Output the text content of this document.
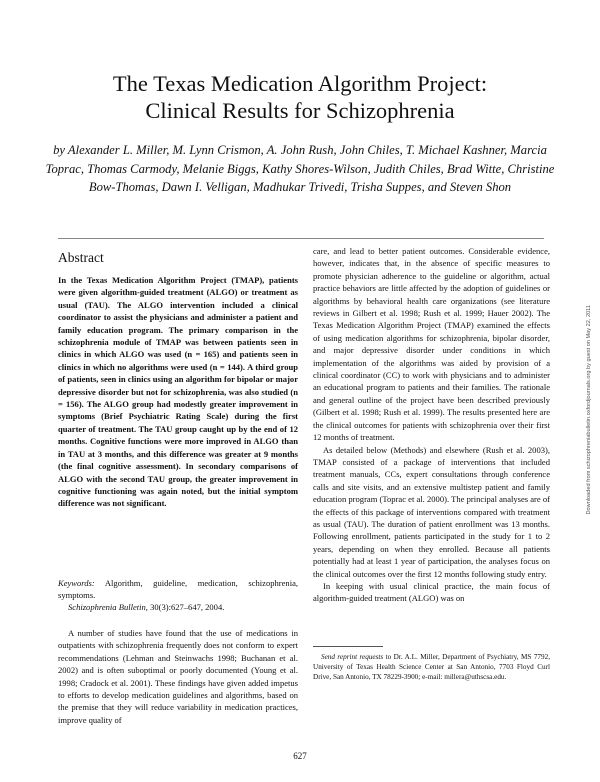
The Texas Medication Algorithm Project:
Clinical Results for Schizophrenia
by Alexander L. Miller, M. Lynn Crismon, A. John Rush, John Chiles, T. Michael Kashner, Marcia Toprac, Thomas Carmody, Melanie Biggs, Kathy Shores-Wilson, Judith Chiles, Brad Witte, Christine Bow-Thomas, Dawn I. Velligan, Madhukar Trivedi, Trisha Suppes, and Steven Shon
Abstract
In the Texas Medication Algorithm Project (TMAP), patients were given algorithm-guided treatment (ALGO) or treatment as usual (TAU). The ALGO intervention included a clinical coordinator to assist the physicians and administer a patient and family education program. The primary comparison in the schizophrenia module of TMAP was between patients seen in clinics in which ALGO was used (n = 165) and patients seen in clinics in which no algorithms were used (n = 144). A third group of patients, seen in clinics using an algorithm for bipolar or major depressive disorder but not for schizophrenia, was also studied (n = 156). The ALGO group had modestly greater improvement in symptoms (Brief Psychiatric Rating Scale) during the first quarter of treatment. The TAU group caught up by the end of 12 months. Cognitive functions were more improved in ALGO than in TAU at 3 months, and this difference was greater at 9 months (the final cognitive assessment). In secondary comparisons of ALGO with the second TAU group, the greater improvement in cognitive functioning was again noted, but the initial symptom difference was not significant.
Keywords: Algorithm, guideline, medication, schizophrenia, symptoms.
Schizophrenia Bulletin, 30(3):627–647, 2004.
A number of studies have found that the use of medications in outpatients with schizophrenia frequently does not conform to expert recommendations (Lehman and Steinwachs 1998; Buchanan et al. 2002) and is often suboptimal or poorly documented (Young et al. 1998; Cradock et al. 2001). These findings have given added impetus to efforts to develop medication guidelines and algorithms, based on the premise that they will reduce variability in medication practices, improve quality of

care, and lead to better patient outcomes. Considerable evidence, however, indicates that, in the absence of specific measures to promote physician adherence to the guideline or algorithm, actual practice behaviors are little affected by the adoption of guidelines or algorithms by behavioral health care organizations (see literature reviews in Gilbert et al. 1998; Rush et al. 1999; Hauer 2002). The Texas Medication Algorithm Project (TMAP) examined the effects of using medication algorithms for schizophrenia, bipolar disorder, and major depressive disorder under conditions in which implementation of the algorithms was aided by provision of a clinical coordinator (CC) to work with physicians and to administer an educational program to patients and their families. The rationale and general outline of the project have been described previously (Gilbert et al. 1998; Rush et al. 1999). The results presented here are the clinical outcomes for patients with schizophrenia over their first 12 months of treatment.

As detailed below (Methods) and elsewhere (Rush et al. 2003), TMAP consisted of a package of interventions that included treatment manuals, CCs, expert consultations through conference calls and site visits, and an extensive multistep patient and family education program (Toprac et al. 2000). The principal analyses are of the effects of this package of interventions compared with treatment as usual (TAU). The duration of patient enrollment was 13 months. Following enrollment, patients participated in the study for 1 to 2 years, depending on when they enrolled. Because all patients potentially had at least 1 year of participation, the analyses focus on the clinical outcomes over the first 12 months following study entry.

In keeping with usual clinical practice, the main focus of algorithm-guided treatment (ALGO) was on

Send reprint requests to Dr. A.L. Miller, Department of Psychiatry, MS 7792, University of Texas Health Science Center at San Antonio, 7703 Floyd Curl Drive, San Antonio, TX 78229-3900; e-mail: millera@uthscsa.edu.
Downloaded from schizophreniabulletin.oxfordjournals.org by guest on May 22, 2011
627
